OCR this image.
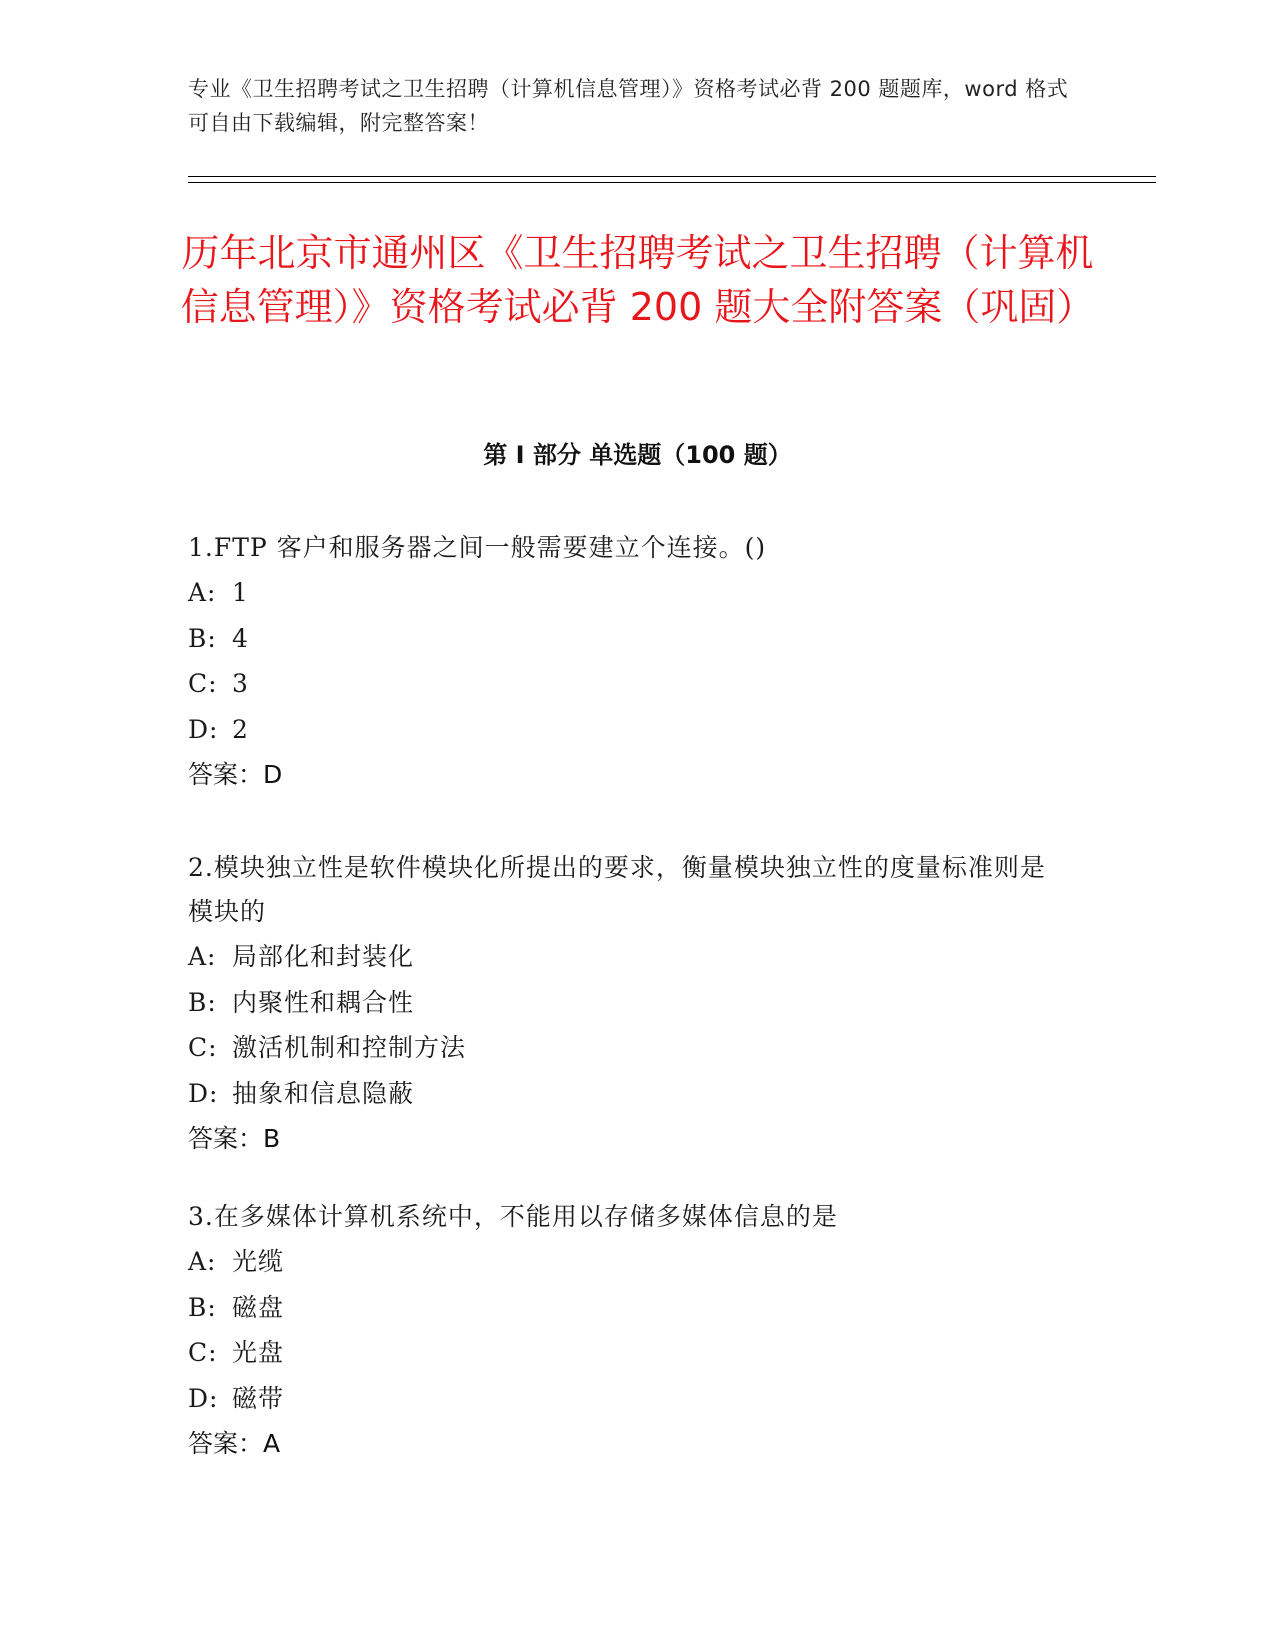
专业《卫生招聘考试之卫生招聘（计算机信息管理）》资格考试必背 200 题题库，word 格式可自由下载编辑，附完整答案！
历年北京市通州区《卫生招聘考试之卫生招聘（计算机信息管理）》资格考试必背 200 题大全附答案（巩固）
第 I 部分 单选题（100 题）
1.FTP 客户和服务器之间一般需要建立个连接。()
A: 1
B: 4
C: 3
D: 2
答案：D
2.模块独立性是软件模块化所提出的要求，衡量模块独立性的度量标准则是模块的
A: 局部化和封装化
B: 内聚性和耦合性
C: 激活机制和控制方法
D: 抽象和信息隐蔽
答案：B
3.在多媒体计算机系统中，不能用以存储多媒体信息的是
A: 光缆
B: 磁盘
C: 光盘
D: 磁带
答案：A
